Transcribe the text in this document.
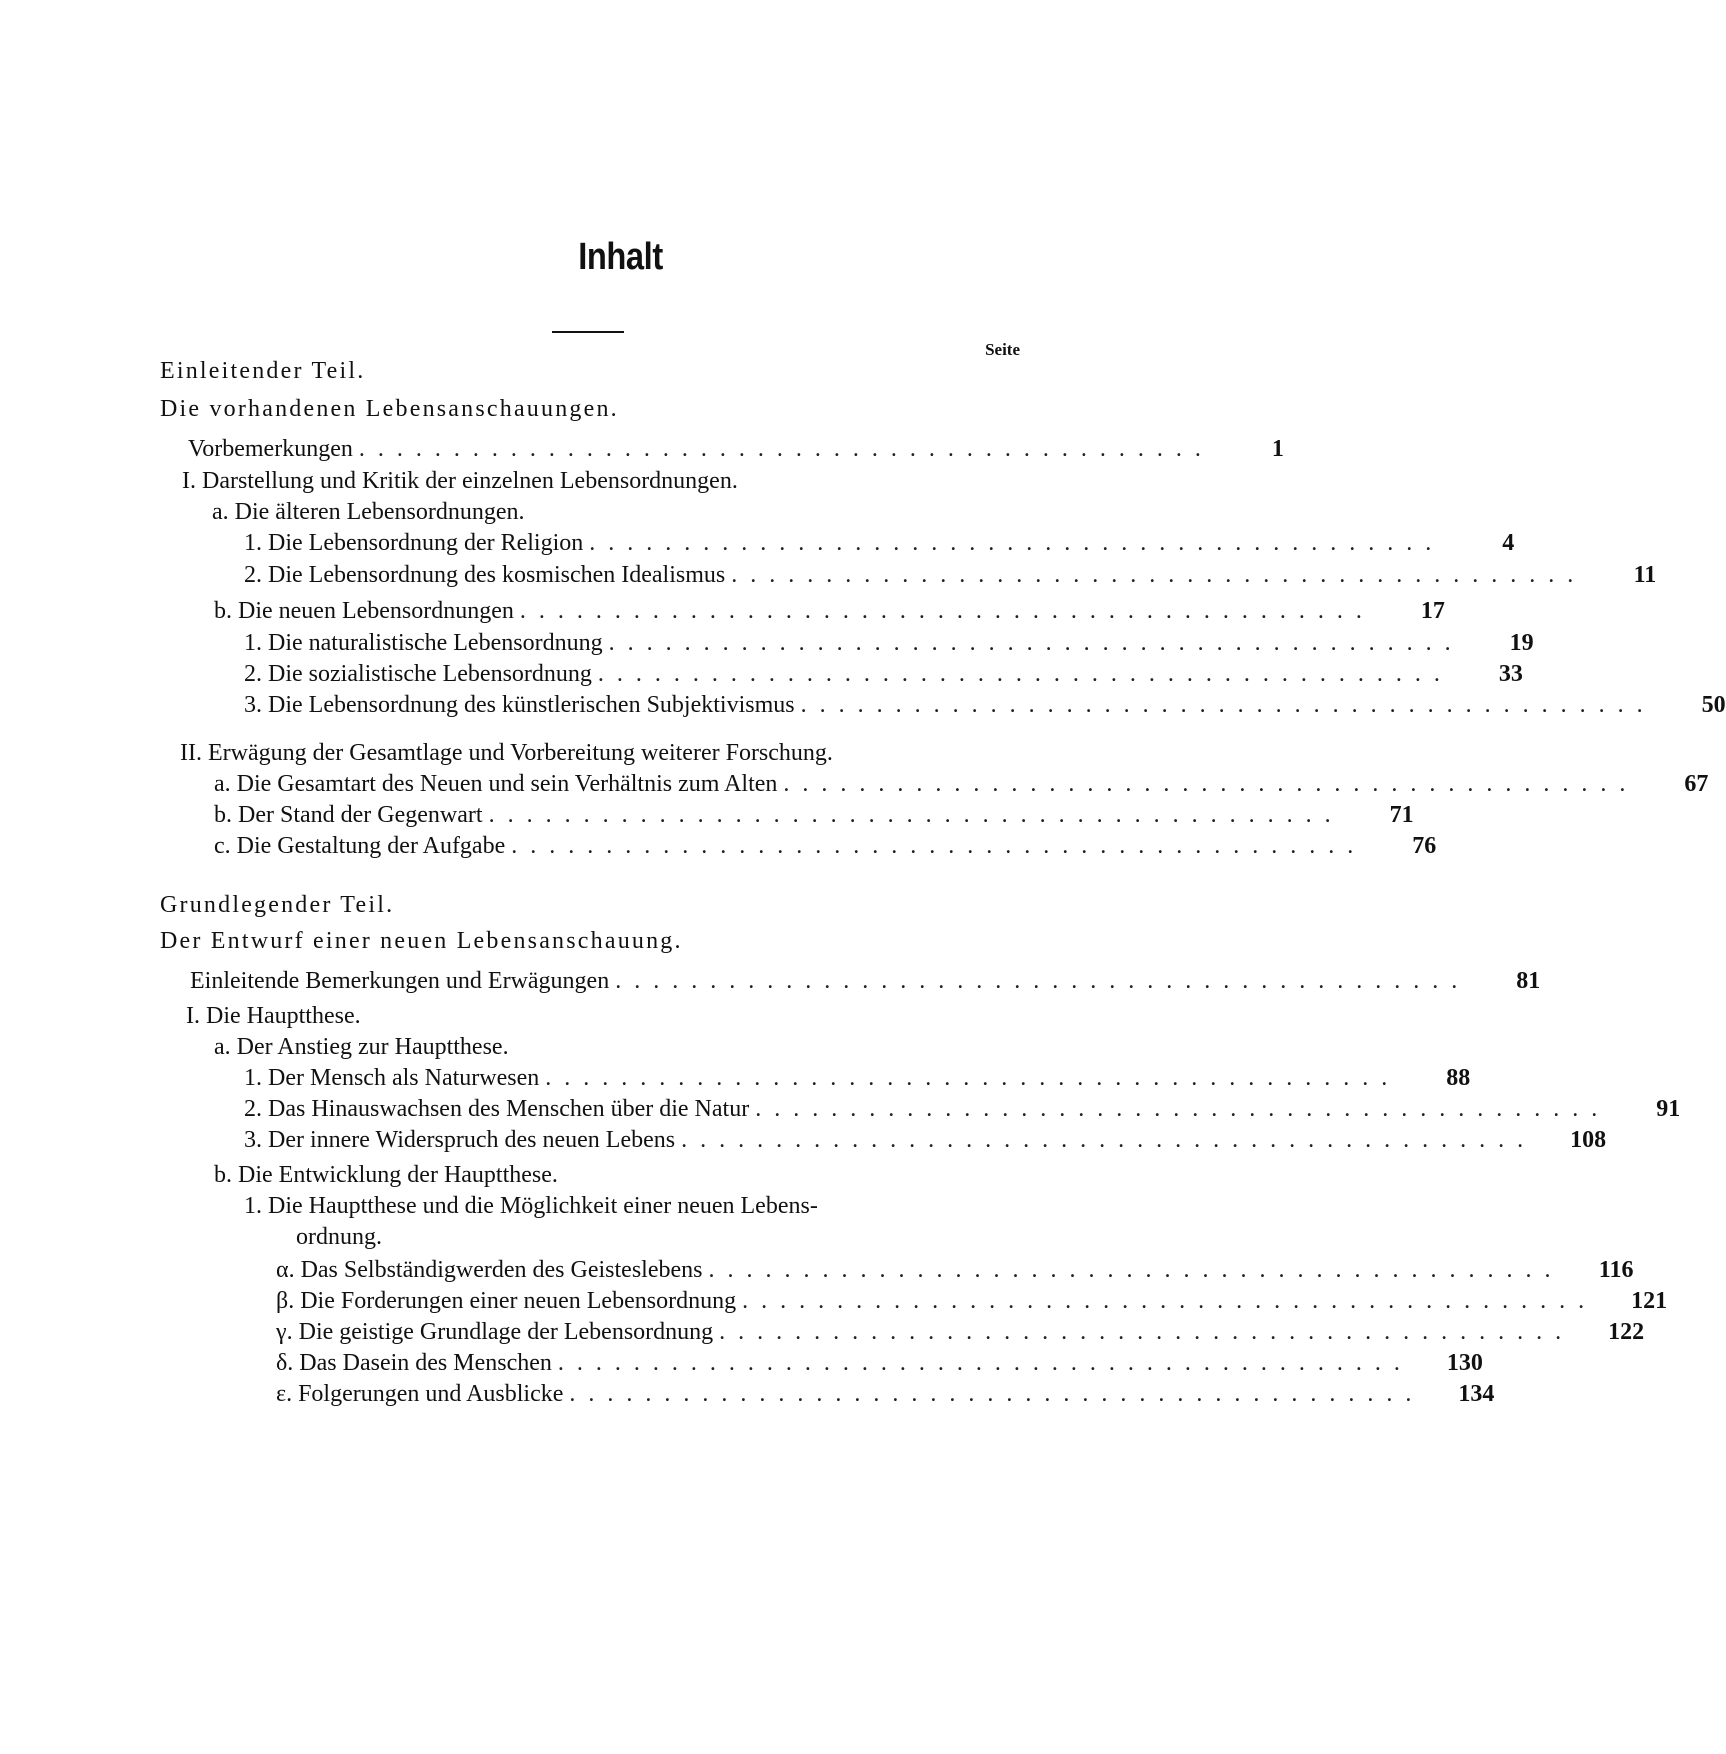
Inhalt
Seite
Einleitender Teil.
Die vorhandenen Lebensanschauungen.
Vorbemerkungen .............................................	1
I. Darstellung und Kritik der einzelnen Lebensordnungen.
a. Die älteren Lebensordnungen.
1. Die Lebensordnung der Religion .............................................	4
2. Die Lebensordnung des kosmischen Idealismus .............................................	11
b. Die neuen Lebensordnungen .............................................	17
1. Die naturalistische Lebensordnung .............................................	19
2. Die sozialistische Lebensordnung .............................................	33
3. Die Lebensordnung des künstlerischen Subjektivismus .............................................	50
II. Erwägung der Gesamtlage und Vorbereitung weiterer Forschung.
a. Die Gesamtart des Neuen und sein Verhältnis zum Alten .............................................	67
b. Der Stand der Gegenwart .............................................	71
c. Die Gestaltung der Aufgabe .............................................	76
Grundlegender Teil.
Der Entwurf einer neuen Lebensanschauung.
Einleitende Bemerkungen und Erwägungen .............................................	81
I. Die Hauptthese.
a. Der Anstieg zur Hauptthese.
1. Der Mensch als Naturwesen .............................................	88
2. Das Hinauswachsen des Menschen über die Natur .............................................	91
3. Der innere Widerspruch des neuen Lebens .............................................	108
b. Die Entwicklung der Hauptthese.
1. Die Hauptthese und die Möglichkeit einer neuen Lebens-
ordnung.
α. Das Selbständigwerden des Geisteslebens .............................................	116
β. Die Forderungen einer neuen Lebensordnung .............................................	121
γ. Die geistige Grundlage der Lebensordnung .............................................	122
δ. Das Dasein des Menschen .............................................	130
ε. Folgerungen und Ausblicke .............................................	134
